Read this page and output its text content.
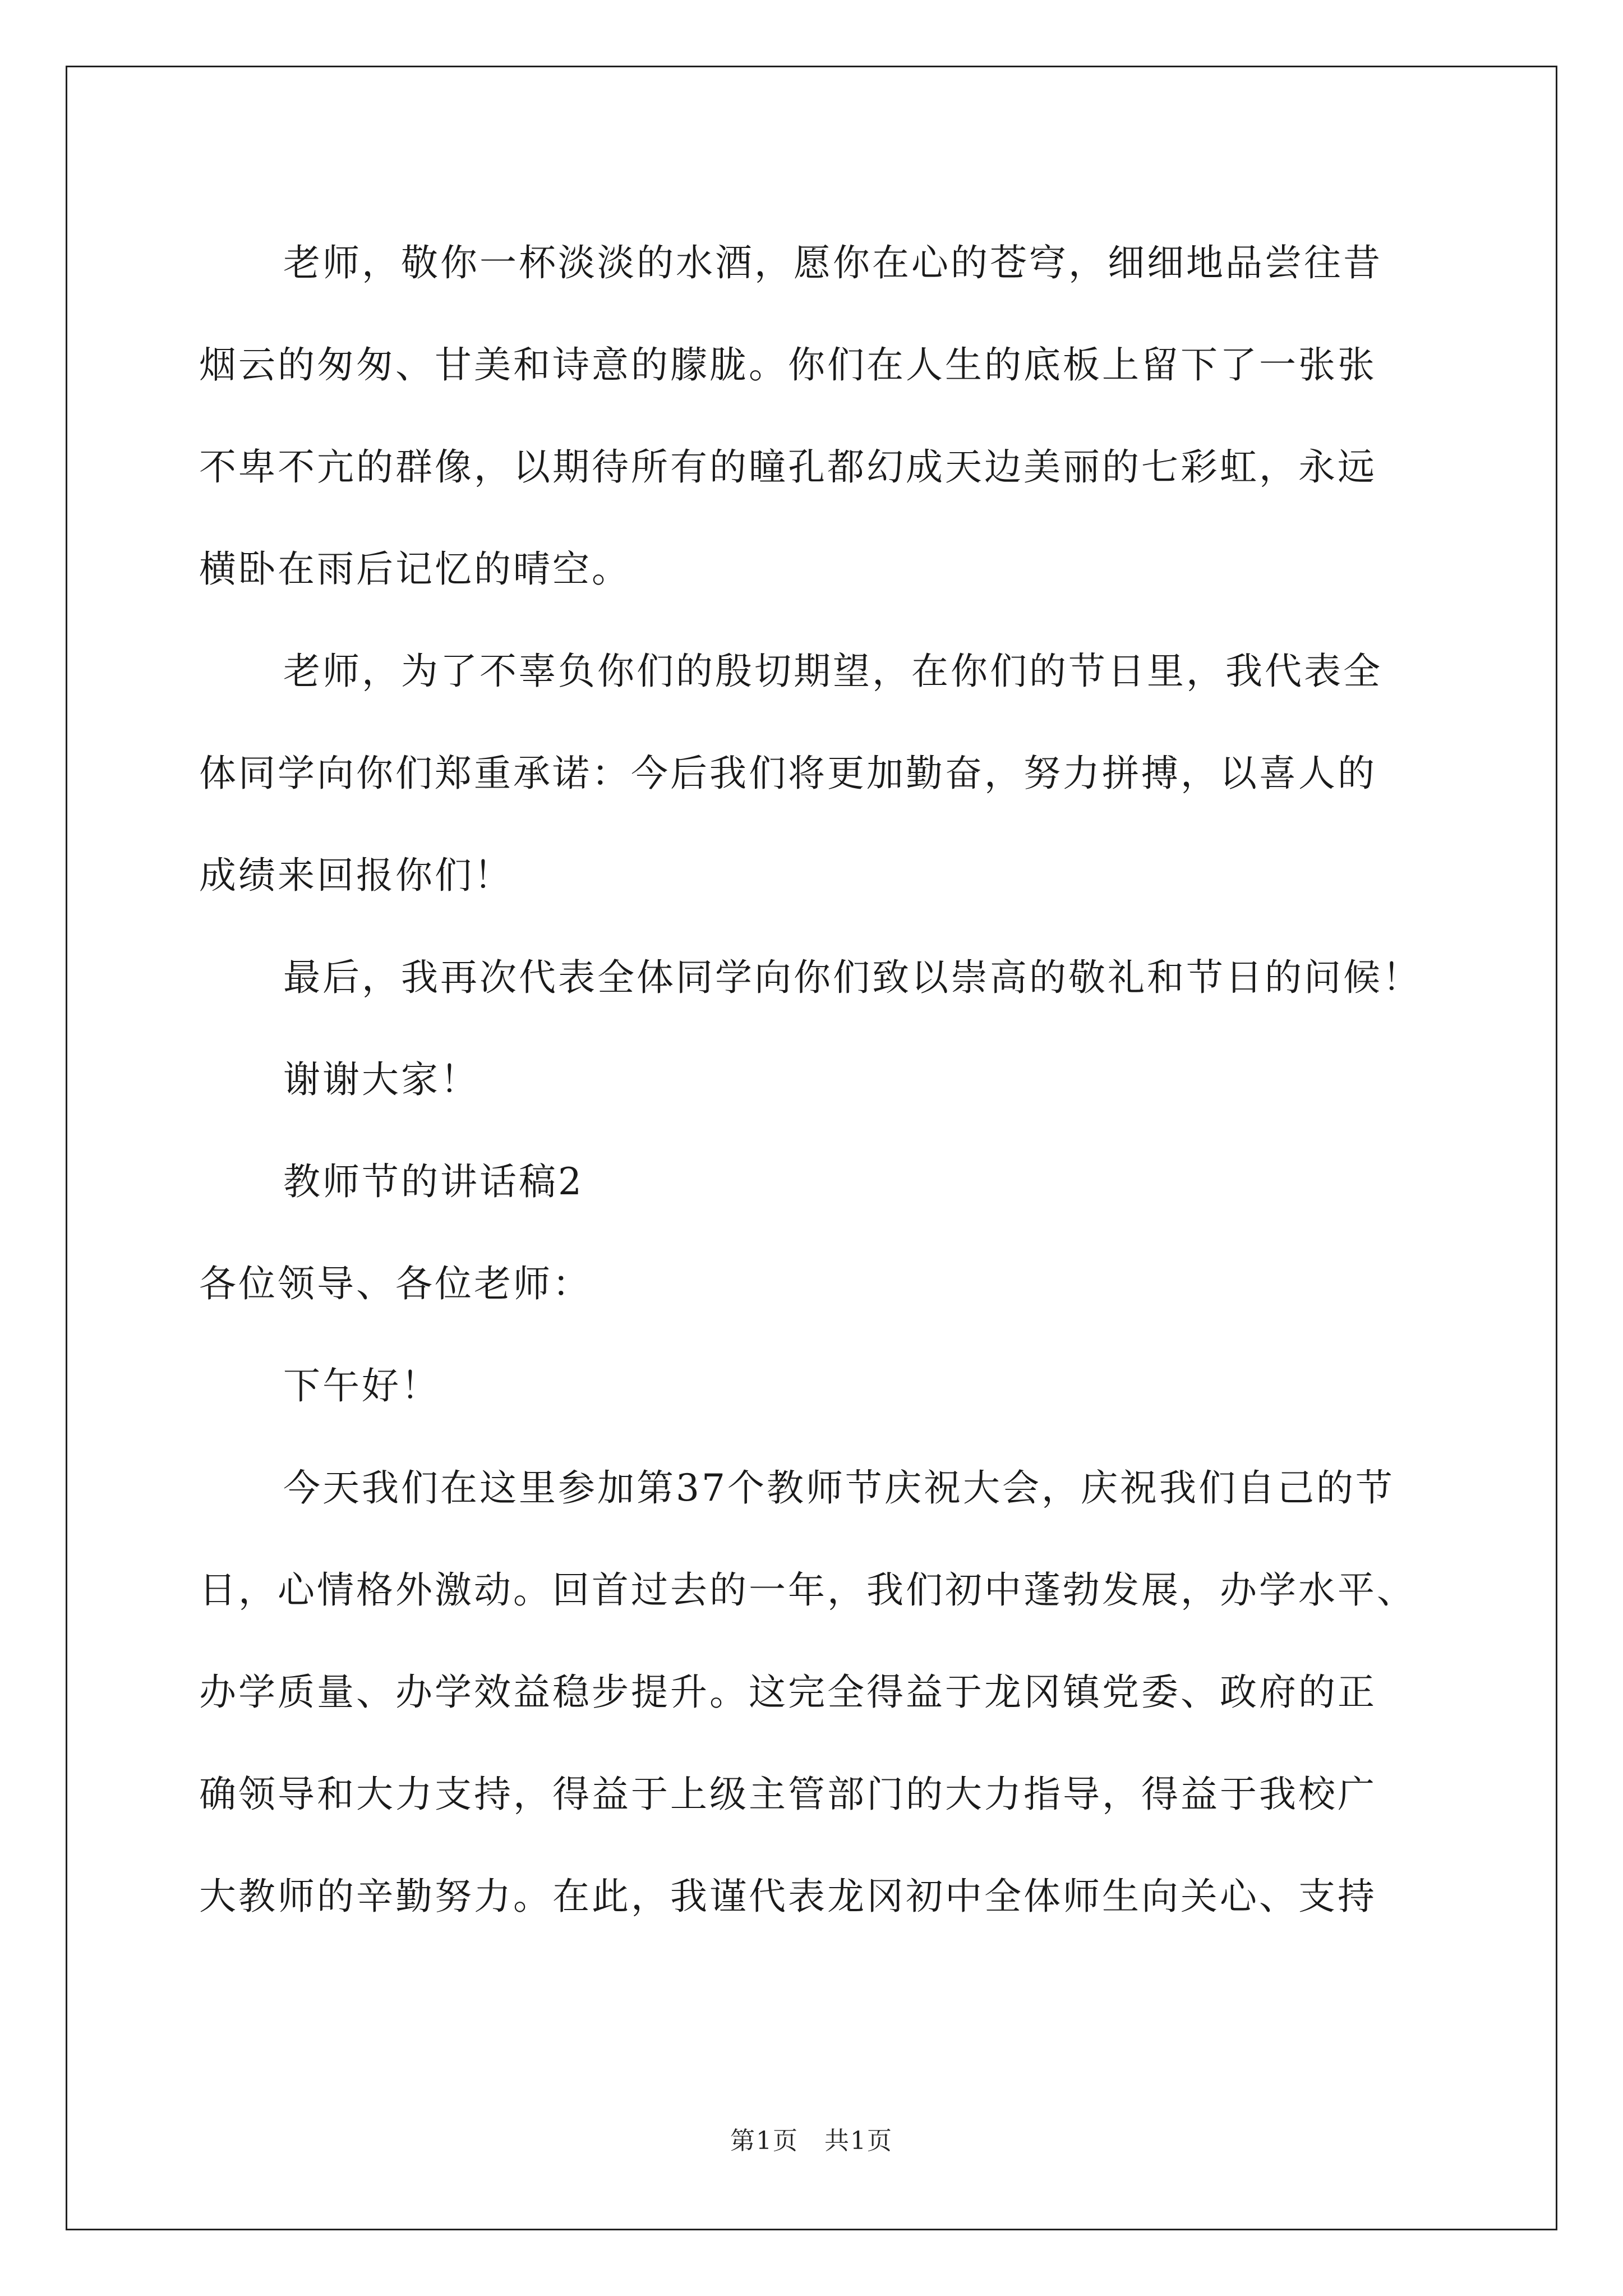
老师，敬你一杯淡淡的水酒，愿你在心的苍穹，细细地品尝往昔

烟云的匆匆、甘美和诗意的朦胧。你们在人生的底板上留下了一张张

不卑不亢的群像，以期待所有的瞳孔都幻成天边美丽的七彩虹，永远

横卧在雨后记忆的晴空。

老师，为了不辜负你们的殷切期望，在你们的节日里，我代表全

体同学向你们郑重承诺：今后我们将更加勤奋，努力拼搏，以喜人的

成绩来回报你们！

最后，我再次代表全体同学向你们致以崇高的敬礼和节日的问候！

谢谢大家！

教师节的讲话稿2

各位领导、各位老师：

下午好！

今天我们在这里参加第37个教师节庆祝大会，庆祝我们自己的节

日，心情格外激动。回首过去的一年，我们初中蓬勃发展，办学水平、

办学质量、办学效益稳步提升。这完全得益于龙冈镇党委、政府的正

确领导和大力支持，得益于上级主管部门的大力指导，得益于我校广

大教师的辛勤努力。在此，我谨代表龙冈初中全体师生向关心、支持

第1页　共1页
